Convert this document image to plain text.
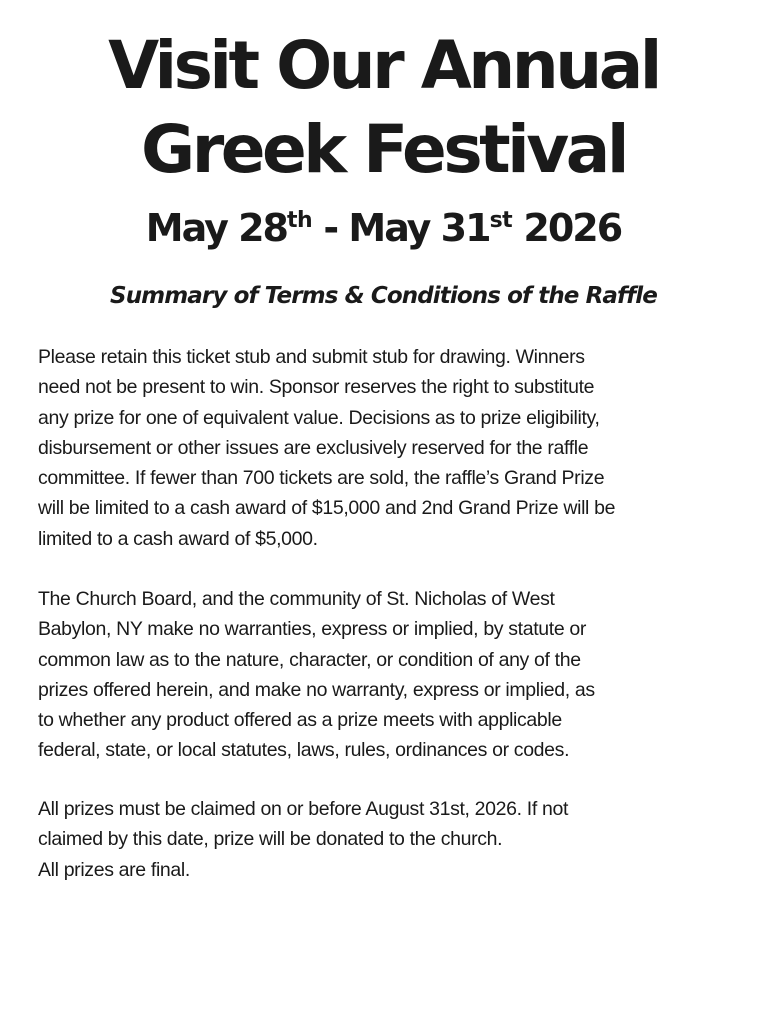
Visit Our Annual
Greek Festival
May 28th - May 31st 2026
Summary of Terms & Conditions of the Raffle

Please retain this ticket stub and submit stub for drawing. Winners
need not be present to win. Sponsor reserves the right to substitute
any prize for one of equivalent value. Decisions as to prize eligibility,
disbursement or other issues are exclusively reserved for the raffle
committee. If fewer than 700 tickets are sold, the raffle’s Grand Prize
will be limited to a cash award of $15,000 and 2nd Grand Prize will be
limited to a cash award of $5,000.

The Church Board, and the community of St. Nicholas of West
Babylon, NY make no warranties, express or implied, by statute or
common law as to the nature, character, or condition of any of the
prizes offered herein, and make no warranty, express or implied, as
to whether any product offered as a prize meets with applicable
federal, state, or local statutes, laws, rules, ordinances or codes.

All prizes must be claimed on or before August 31st, 2026. If not
claimed by this date, prize will be donated to the church.
All prizes are final.
